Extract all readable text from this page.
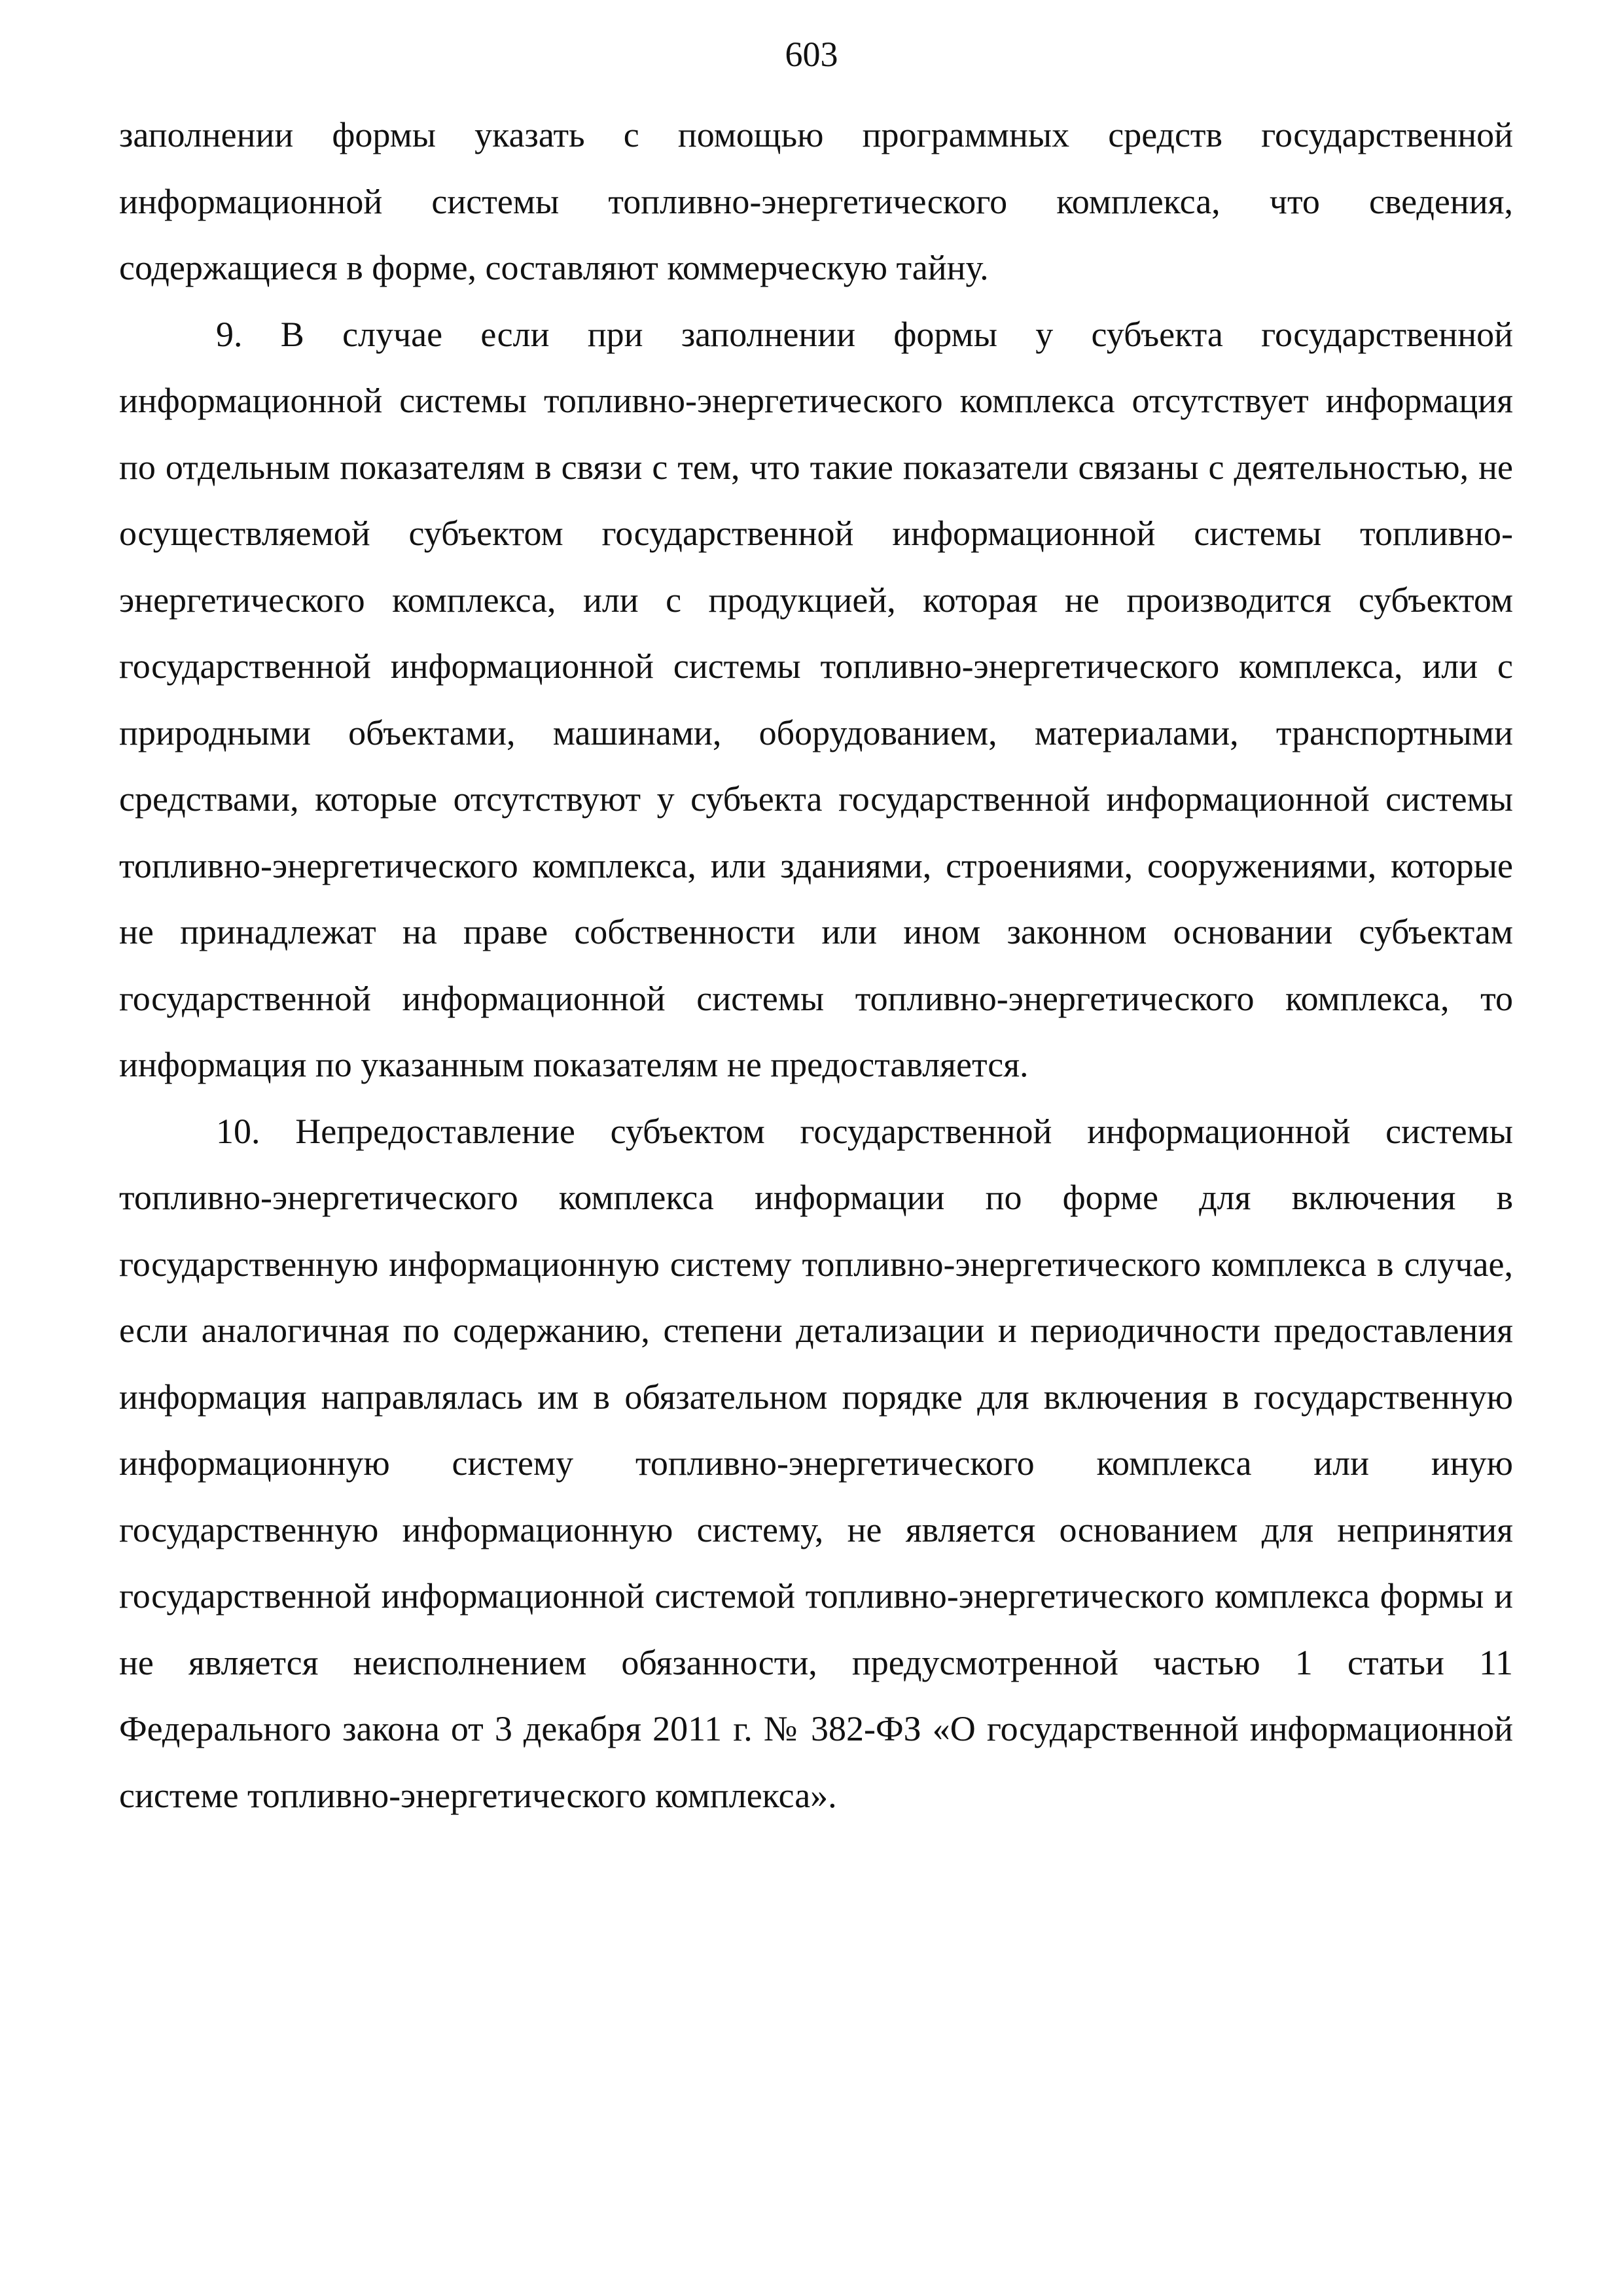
603

заполнении формы указать с помощью программных средств государственной информационной системы топливно-энергетического комплекса, что сведения, содержащиеся в форме, составляют коммерческую тайну.

9. В случае если при заполнении формы у субъекта государственной информационной системы топливно-энергетического комплекса отсутствует информация по отдельным показателям в связи с тем, что такие показатели связаны с деятельностью, не осуществляемой субъектом государственной информационной системы топливно-энергетического комплекса, или с продукцией, которая не производится субъектом государственной информационной системы топливно-энергетического комплекса, или с природными объектами, машинами, оборудованием, материалами, транспортными средствами, которые отсутствуют у субъекта государственной информационной системы топливно-энергетического комплекса, или зданиями, строениями, сооружениями, которые не принадлежат на праве собственности или ином законном основании субъектам государственной информационной системы топливно-энергетического комплекса, то информация по указанным показателям не предоставляется.

10. Непредоставление субъектом государственной информационной системы топливно-энергетического комплекса информации по форме для включения в государственную информационную систему топливно-энергетического комплекса в случае, если аналогичная по содержанию, степени детализации и периодичности предоставления информация направлялась им в обязательном порядке для включения в государственную информационную систему топливно-энергетического комплекса или иную государственную информационную систему, не является основанием для непринятия государственной информационной системой топливно-энергетического комплекса формы и не является неисполнением обязанности, предусмотренной частью 1 статьи 11 Федерального закона от 3 декабря 2011 г. № 382-ФЗ «О государственной информационной системе топливно-энергетического комплекса».
